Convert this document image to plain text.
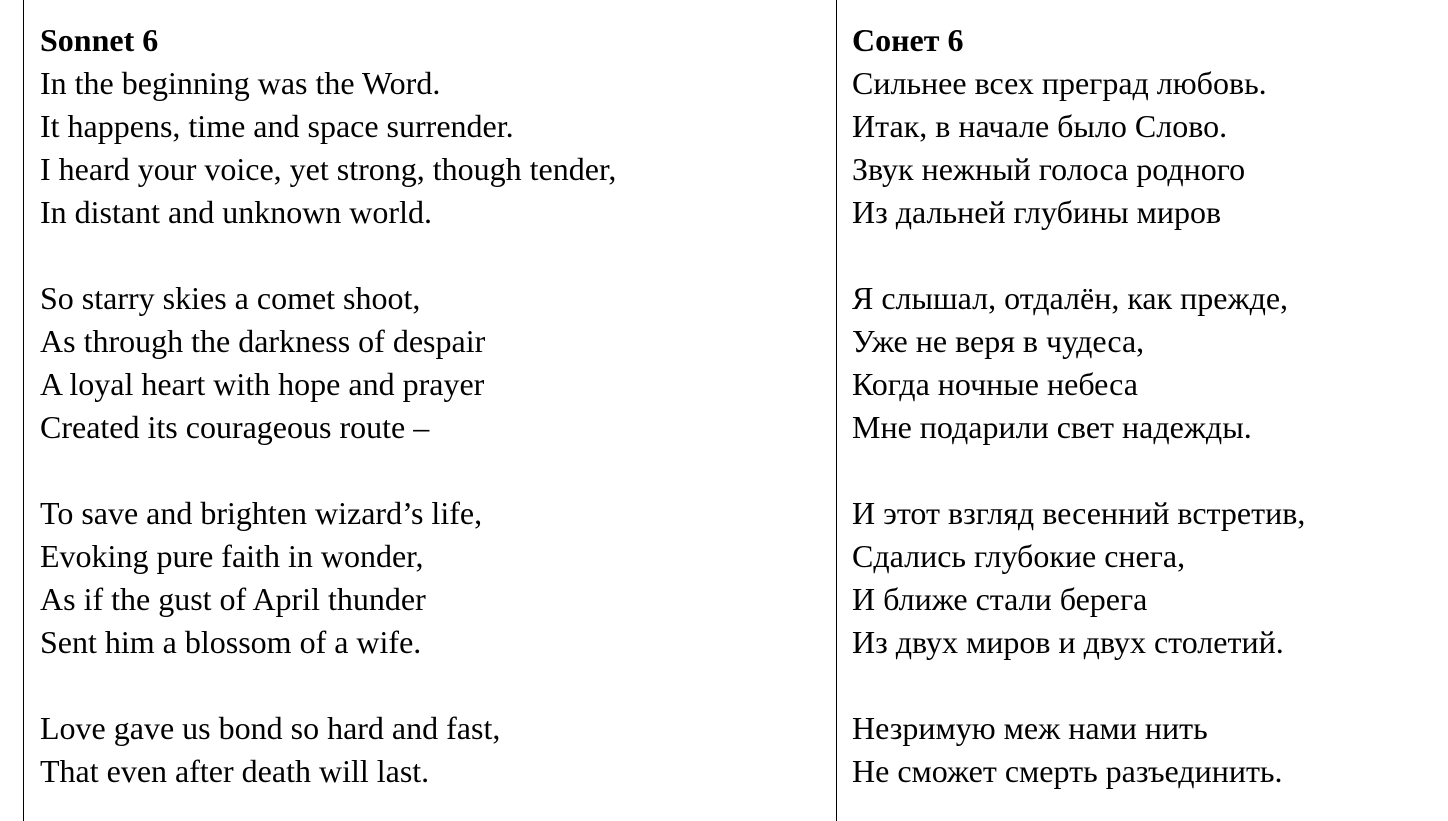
Sonnet 6
In the beginning was the Word.
It happens, time and space surrender.
I heard your voice, yet strong, though tender,
In distant and unknown world.
So starry skies a comet shoot,
As through the darkness of despair
A loyal heart with hope and prayer
Created its courageous route –
To save and brighten wizard’s life,
Evoking pure faith in wonder,
As if the gust of April thunder
Sent him a blossom of a wife.
Love gave us bond so hard and fast,
That even after death will last.
Сонет 6
Сильнее всех преград любовь.
Итак, в начале было Слово.
Звук нежный голоса родного
Из дальней глубины миров
Я слышал, отдалён, как прежде,
Уже не веря в чудеса,
Когда ночные небеса
Мне подарили свет надежды.
И этот взгляд весенний встретив,
Сдались глубокие снега,
И ближе стали берега
Из двух миров и двух столетий.
Незримую меж нами нить
Не сможет смерть разъединить.
